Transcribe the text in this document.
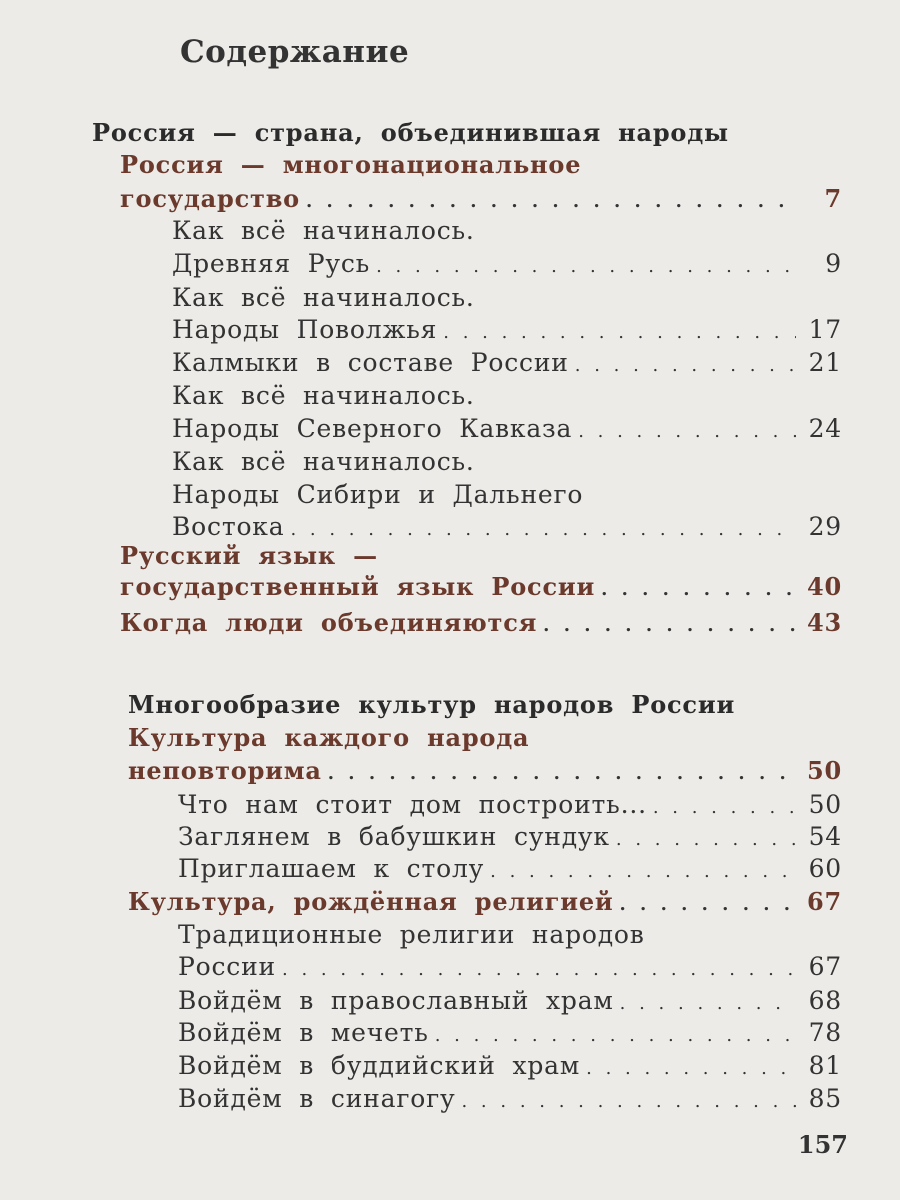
Содержание
Россия — страна, объединившая народы
Россия — многонациональное
государство . . .	7
Как всё начиналось.
Древняя Русь . . .	9
Как всё начиналось.
Народы Поволжья . . .	17
Калмыки в составе России . . .	21
Как всё начиналось.
Народы Северного Кавказа . . .	24
Как всё начиналось.
Народы Сибири и Дальнего
Востока . . .	29
Русский язык —
государственный язык России . . .	40
Когда люди объединяются . . .	43
Многообразие культур народов России
Культура каждого народа
неповторима . . .	50
Что нам стоит дом построить... . . .	50
Заглянем в бабушкин сундук . . .	54
Приглашаем к столу . . .	60
Культура, рождённая религией . . .	67
Традиционные религии народов
России . . .	67
Войдём в православный храм . . .	68
Войдём в мечеть . . .	78
Войдём в буддийский храм . . .	81
Войдём в синагогу . . .	85
157
